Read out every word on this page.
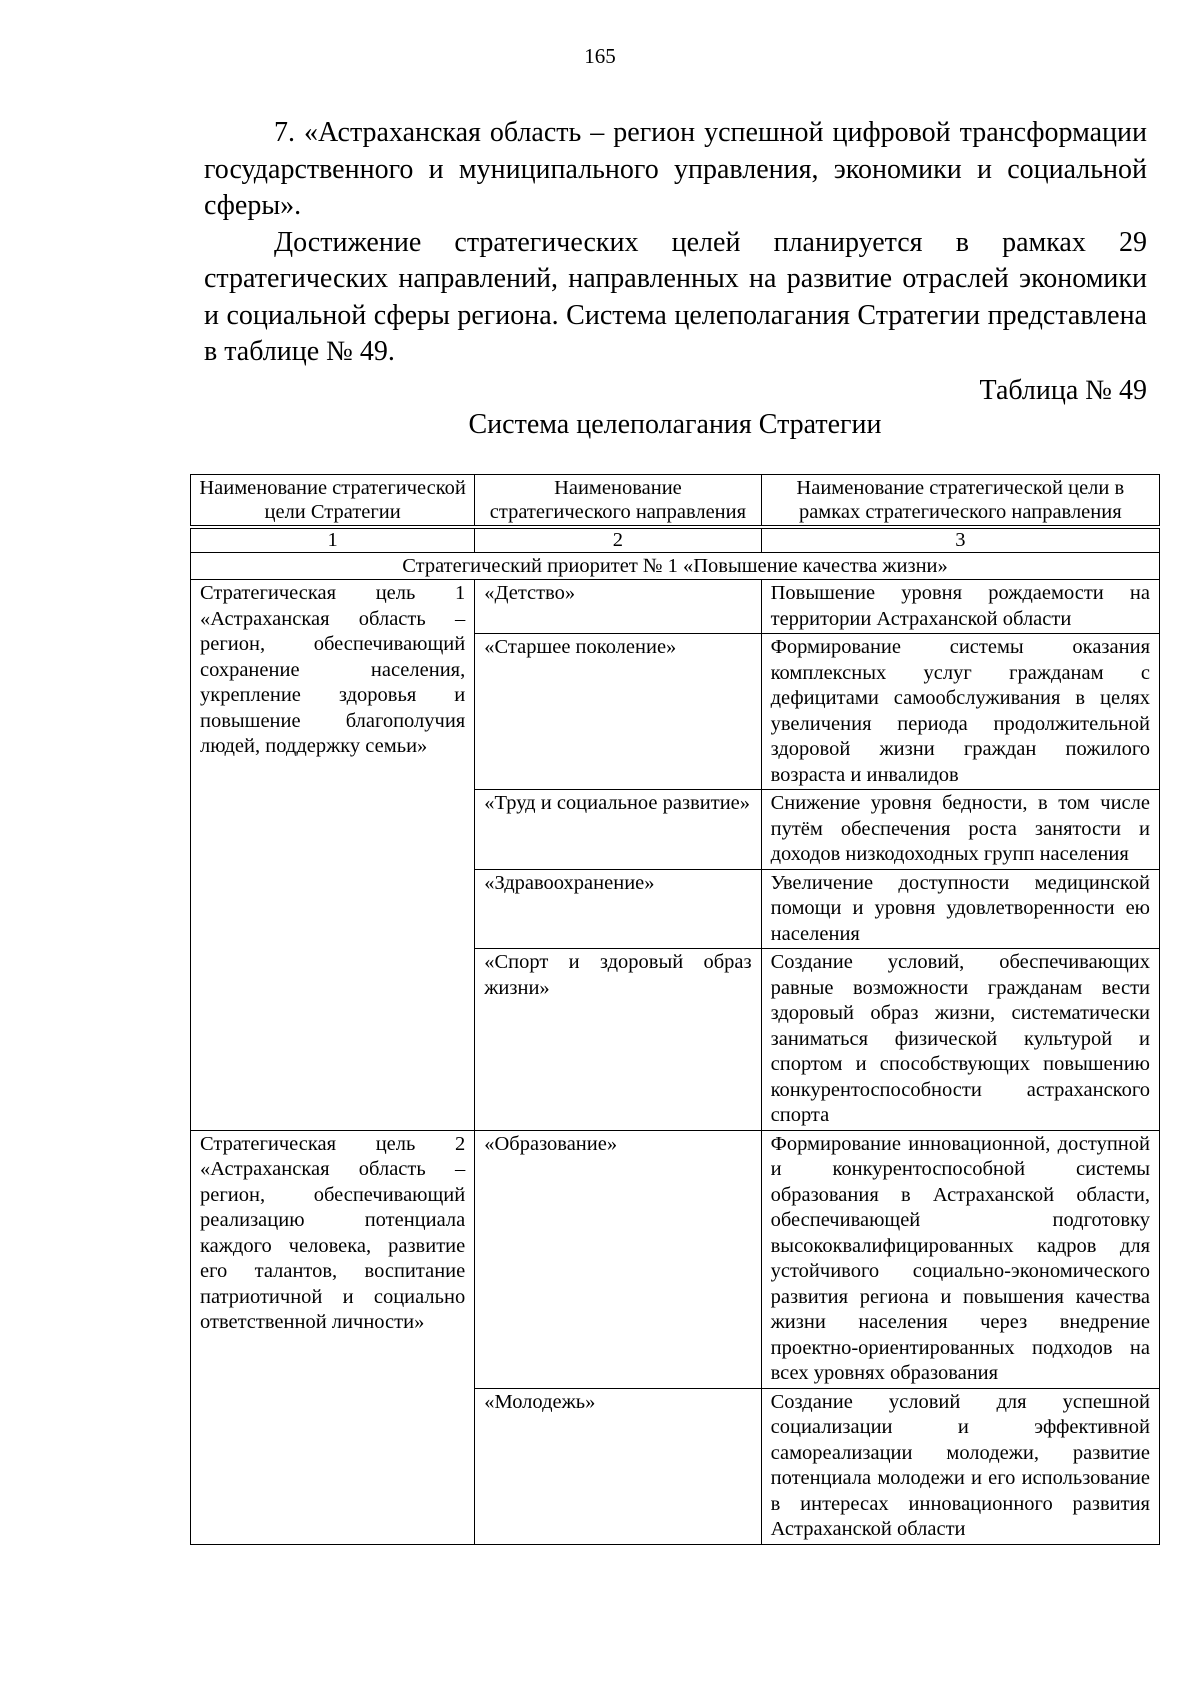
165

7. «Астраханская область – регион успешной цифровой трансформации государственного и муниципального управления, экономики и социальной сферы».

Достижение стратегических целей планируется в рамках 29 стратегических направлений, направленных на развитие отраслей экономики и социальной сферы региона. Система целеполагания Стратегии представлена в таблице № 49.

Таблица № 49
Система целеполагания Стратегии
Наименование стратегической цели Стратегии	Наименование стратегического направления	Наименование стратегической цели в рамках стратегического направления

1	2	3
Стратегический приоритет № 1 «Повышение качества жизни»		
Стратегическая цель 1 «Астраханская область – регион, обеспечивающий сохранение населения, укрепление здоровья и повышение благополучия людей, поддержку семьи»	«Детство»	Повышение уровня рождаемости на территории Астраханской области
	«Старшее поколение»	Формирование системы оказания комплексных услуг гражданам с дефицитами самообслуживания в целях увеличения периода продолжительной здоровой жизни граждан пожилого возраста и инвалидов
	«Труд и социальное развитие»	Снижение уровня бедности, в том числе путём обеспечения роста занятости и доходов низкодоходных групп населения
	«Здравоохранение»	Увеличение доступности медицинской помощи и уровня удовлетворенности ею населения
	«Спорт и здоровый образ жизни»	Создание условий, обеспечивающих равные возможности гражданам вести здоровый образ жизни, систематически заниматься физической культурой и спортом и способствующих повышению конкурентоспособности астраханского спорта
Стратегическая цель 2 «Астраханская область – регион, обеспечивающий реализацию потенциала каждого человека, развитие его талантов, воспитание патриотичной и социально ответственной личности»	«Образование»	Формирование инновационной, доступной и конкурентоспособной системы образования в Астраханской области, обеспечивающей подготовку высококвалифицированных кадров для устойчивого социально-экономического развития региона и повышения качества жизни населения через внедрение проектно-ориентированных подходов на всех уровнях образования
	«Молодежь»	Создание условий для успешной социализации и эффективной самореализации молодежи, развитие потенциала молодежи и его использование в интересах инновационного развития Астраханской области
